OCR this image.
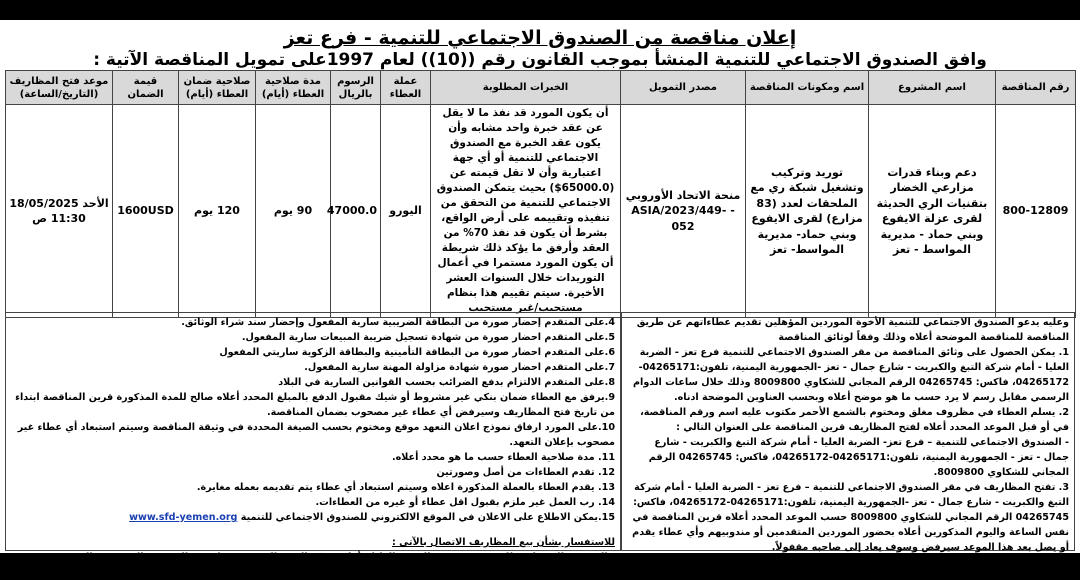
إعلان مناقصة من الصندوق الاجتماعي للتنمية - فرع تعز
وافق الصندوق الاجتماعي للتنمية المنشأ بموجب القانون رقم ((10)) لعام 1997على تمويل المناقصة الآتية :
رقم المناقصة	اسم المشروع	اسم ومكونات المناقصة	مصدر التمويل	الخبرات المطلوبة	عملة العطاء	الرسوم بالريال	مدة صلاحية العطاء (أيام)	صلاحية ضمان العطاء (أيام)	قيمة الضمان	موعد فتح المظاريف (التاريخ/الساعة)
800-12809	دعم وبناء قدرات مزارعي الخضار بتقنيات الري الحديثة لقرى عزلة الايفوع وبني حماد - مديرية المواسط - تعز	توريد وتركيب وتشغيل شبكة ري مع الملحقات لعدد (83 مزارع) لقرى الايفوع وبني حماد- مديرية المواسط- تعز	منحة الاتحاد الأوروبي - ASIA/2023/449-052	أن يكون المورد قد نفذ ما لا يقل عن عقد خبرة واحد مشابه وأن يكون عقد الخبرة مع الصندوق الاجتماعي للتنمية أو أي جهة اعتبارية وأن لا تقل قيمته عن (65000.0$) بحيث يتمكن الصندوق الاجتماعي للتنمية من التحقق من تنفيذه وتقييمه على أرض الواقع، بشرط أن يكون قد نفذ 70% من العقد وأرفق ما يؤكد ذلك شريطة أن يكون المورد مستمرا في أعمال التوريدات خلال السنوات العشر الأخيرة. سيتم تقييم هذا بنظام مستجيب/غير مستجيب	اليورو	47000.0	90 يوم	120 يوم	1600USD	الأحد 18/05/2025
11:30 ص

وعليه يدعو الصندوق الاجتماعي للتنمية الأخوة الموردين المؤهلين تقديم عطاءاتهم عن طريق المناقصة للمناقصة الموضحة أعلاه وذلك وفقاً لوثائق المناقصة

1. يمكن الحصول على وثائق المناقصة من مقر الصندوق الاجتماعي للتنمية فرع تعز - الضربة العليا - أمام شركة التبغ والكبريت - شارع جمال - تعز -الجمهورية اليمنية، تلفون:04265171-04265172، فاكس: 04265745 الرقم المجاني للشكاوي 8009800 وذلك خلال ساعات الدوام الرسمي مقابل رسم لا يرد حسب ما هو موضح أعلاه وبحسب العناوين الموضحة ادناه.

2. يسلم العطاء في مظروف مغلق ومختوم بالشمع الأحمر مكتوب عليه اسم ورقم المناقصة، في أو قبل الموعد المحدد أعلاه لفتح المظاريف قرين المناقصة على العنوان التالي :

- الصندوق الاجتماعي للتنمية – فرع تعز- الضربة العليا - أمام شركة التبغ والكبريت - شارع جمال - تعز - الجمهورية اليمنية، تلفون:04265171-04265172، فاكس: 04265745 الرقم المجاني للشكاوي 8009800.

3. تفتح المظاريف في مقر الصندوق الاجتماعي للتنمية – فرع تعز - الضربة العليا - أمام شركة التبغ والكبريت - شارع جمال - تعز -الجمهورية اليمنية، تلفون:04265171-04265172، فاكس: 04265745 الرقم المجاني للشكاوي 8009800 حسب الموعد المحدد أعلاه قرين المناقصة في نفس الساعة واليوم المذكورين أعلاه بحضور الموردين المتقدمين أو مندوبيهم وأي عطاء يقدم أو يصل بعد هذا الموعد سيرفض وسوف يعاد إلى صاحبه مقفولاً.

4.على المتقدم إحضار صورة من البطاقة الضريبية سارية المفعول وإحضار سند شراء الوثائق.

5.على المتقدم احضار صورة من شهادة تسجيل ضريبة المبيعات سارية المفعول.

6.على المتقدم احضار صورة من البطاقة التأمينية والبطاقة الزكوية ساريتي المفعول

7.على المتقدم احضار صورة شهادة مزاولة المهنة سارية المفعول.

8.على المتقدم الالتزام بدفع الضرائب بحسب القوانين السارية في البلاد

9.يرفق مع العطاء ضمان بنكي غير مشروط أو شيك مقبول الدفع بالمبلغ المحدد أعلاه صالح للمدة المذكورة قرين المناقصة ابتداء من تاريخ فتح المظاريف وسيرفض أي عطاء غير مصحوب بضمان المناقصة.

10.على المورد ارفاق نموذج اعلان التعهد موقع ومختوم بحسب الصيغة المحددة في وثيقة المناقصة وسيتم استبعاد أي عطاء غير مصحوب بإعلان التعهد.

11. مدة صلاحية العطاء حسب ما هو محدد أعلاه.

12. تقدم العطاءات من أصل وصورتين

13. يقدم العطاء بالعملة المذكورة اعلاه وسيتم استبعاد أي عطاء يتم تقديمه بعمله مغايرة.

14. رب العمل غير ملزم بقبول اقل عطاء أو غيره من العطاءات.

15.يمكن الاطلاع على الاعلان في الموقع الالكتروني للصندوق الاجتماعي للتنمية www.sfd-yemen.org

للاستفسار بشأن بيع المظاريف الاتصال بالآتي :

- الصندوق الاجتماعي للتنمية فرع تعز - الضربة العليا - أمام شركة التبغ والكبريت - شارع جمال - تعز -الجمهورية اليمنية ، تلفون:04265171-04265172 ، فاكس : 04265745 ، الرقم المجاني للشكاوي 8009800 .
